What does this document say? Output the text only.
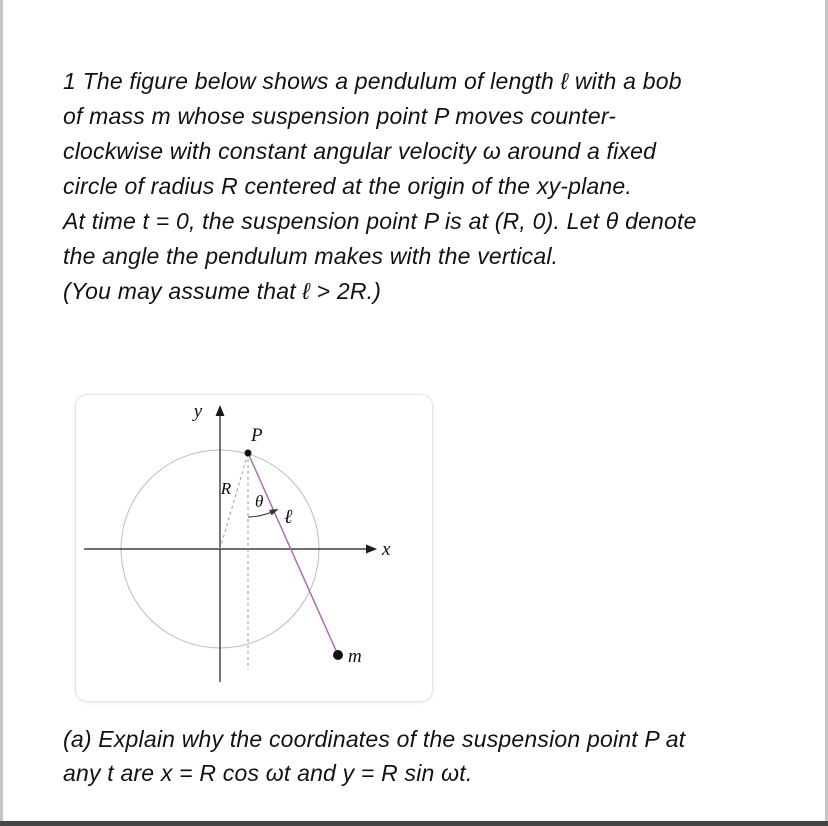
1 The figure below shows a pendulum of length ℓ with a bob
of mass m whose suspension point P moves counter-
clockwise with constant angular velocity ω around a fixed
circle of radius R centered at the origin of the xy-plane.
At time t = 0, the suspension point P is at (R, 0). Let θ denote
the angle the pendulum makes with the vertical.
(You may assume that ℓ > 2R.)
x
y
R
θ
ℓ
P
m
(a) Explain why the coordinates of the suspension point P at
any t are x = R cos ωt and y = R sin ωt.
